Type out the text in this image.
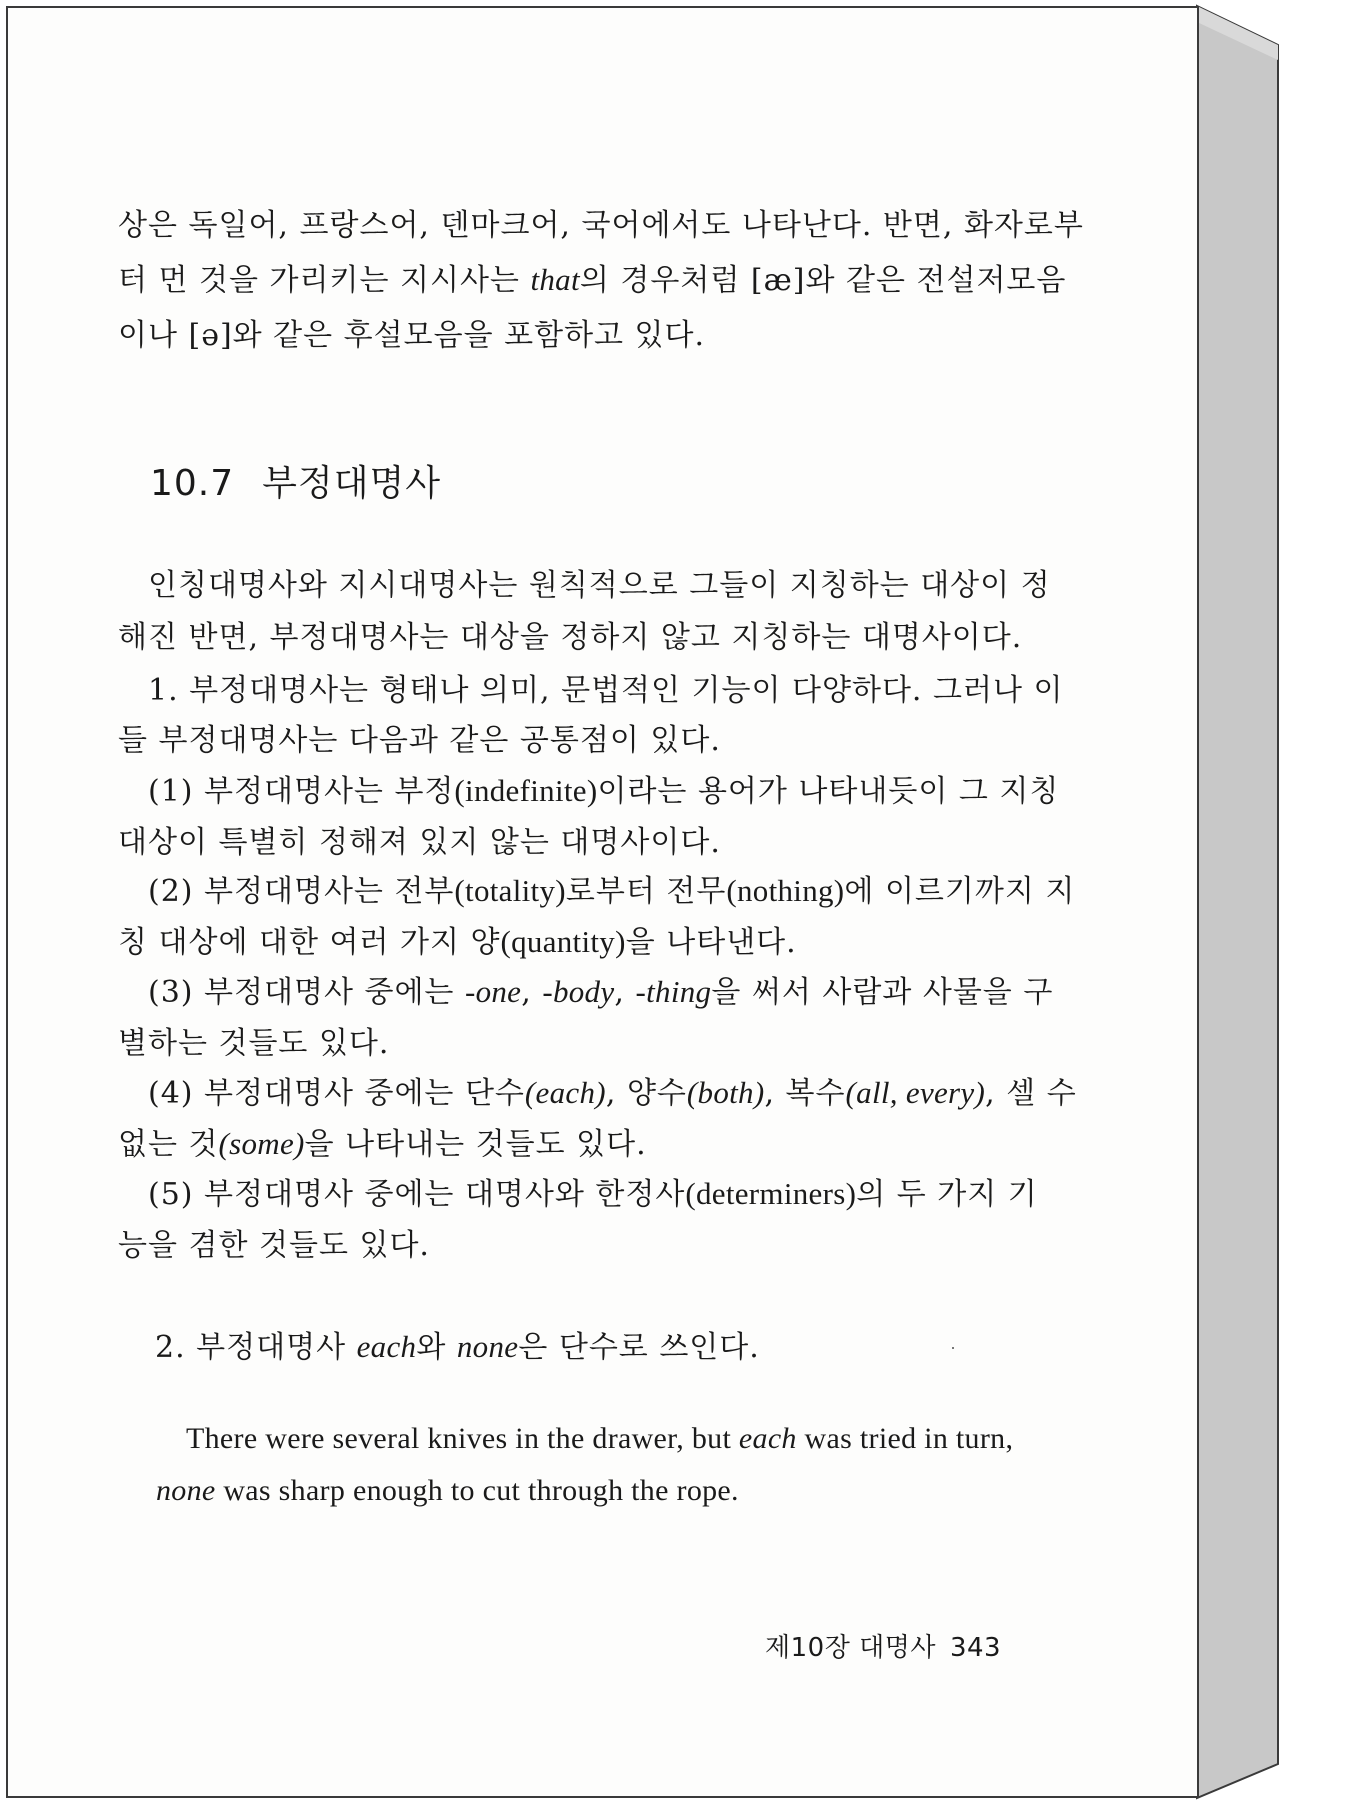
상은 독일어, 프랑스어, 덴마크어, 국어에서도 나타난다. 반면, 화자로부
터 먼 것을 가리키는 지시사는 that의 경우처럼 [æ]와 같은 전설저모음
이나 [ə]와 같은 후설모음을 포함하고 있다.
10.7 부정대명사
인칭대명사와 지시대명사는 원칙적으로 그들이 지칭하는 대상이 정
해진 반면, 부정대명사는 대상을 정하지 않고 지칭하는 대명사이다.
1. 부정대명사는 형태나 의미, 문법적인 기능이 다양하다. 그러나 이
들 부정대명사는 다음과 같은 공통점이 있다.
(1) 부정대명사는 부정(indefinite)이라는 용어가 나타내듯이 그 지칭
대상이 특별히 정해져 있지 않는 대명사이다.
(2) 부정대명사는 전부(totality)로부터 전무(nothing)에 이르기까지 지
칭 대상에 대한 여러 가지 양(quantity)을 나타낸다.
(3) 부정대명사 중에는 -one, -body, -thing을 써서 사람과 사물을 구
별하는 것들도 있다.
(4) 부정대명사 중에는 단수(each), 양수(both), 복수(all, every), 셀 수
없는 것(some)을 나타내는 것들도 있다.
(5) 부정대명사 중에는 대명사와 한정사(determiners)의 두 가지 기
능을 겸한 것들도 있다.
2. 부정대명사 each와 none은 단수로 쓰인다.
There were several knives in the drawer, but each was tried in turn,
none was sharp enough to cut through the rope.
제10장 대명사 343
